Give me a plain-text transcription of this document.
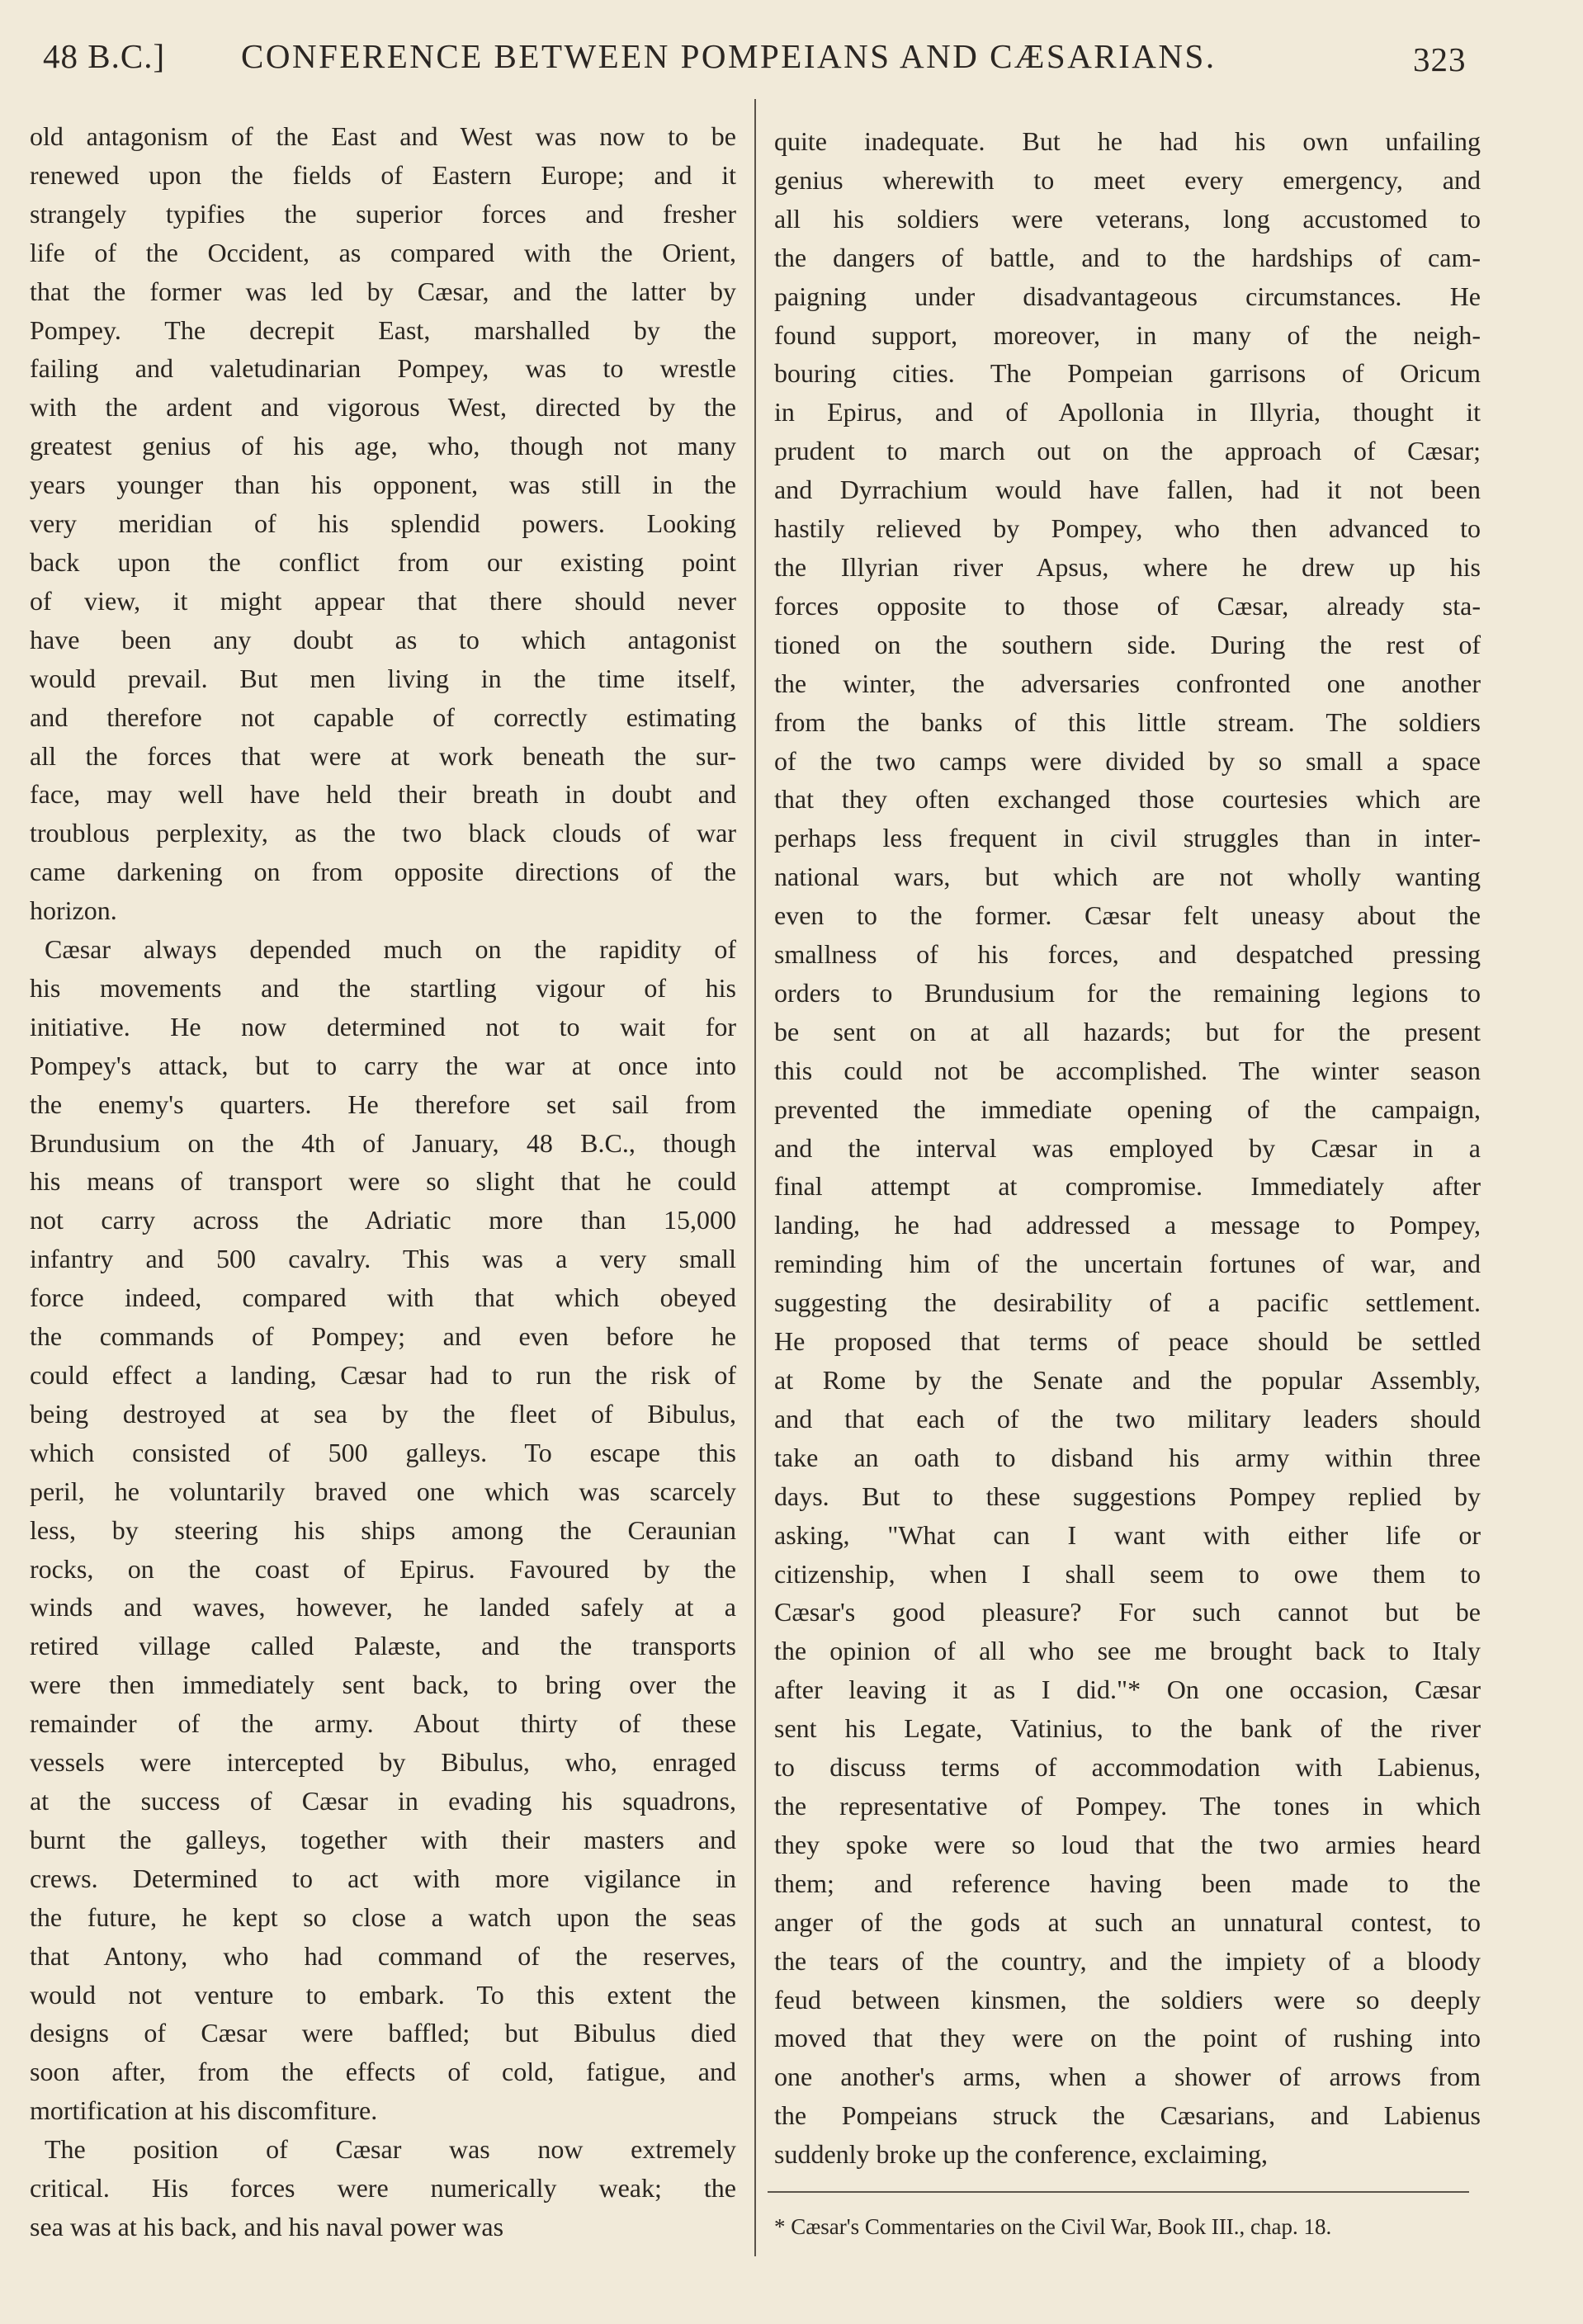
48 B.C.] CONFERENCE BETWEEN POMPEIANS AND CÆSARIANS.	323

old antagonism of the East and West was now to be

renewed upon the fields of Eastern Europe; and it

strangely typifies the superior forces and fresher

life of the Occident, as compared with the Orient,

that the former was led by Cæsar, and the latter by

Pompey. The decrepit East, marshalled by the

failing and valetudinarian Pompey, was to wrestle

with the ardent and vigorous West, directed by the

greatest genius of his age, who, though not many

years younger than his opponent, was still in the

very meridian of his splendid powers. Looking

back upon the conflict from our existing point

of view, it might appear that there should never

have been any doubt as to which antagonist

would prevail. But men living in the time itself,

and therefore not capable of correctly estimating

all the forces that were at work beneath the sur-

face, may well have held their breath in doubt and

troublous perplexity, as the two black clouds of war

came darkening on from opposite directions of the

horizon.

Cæsar always depended much on the rapidity of

his movements and the startling vigour of his

initiative. He now determined not to wait for

Pompey's attack, but to carry the war at once into

the enemy's quarters. He therefore set sail from

Brundusium on the 4th of January, 48 B.C., though

his means of transport were so slight that he could

not carry across the Adriatic more than 15,000

infantry and 500 cavalry. This was a very small

force indeed, compared with that which obeyed

the commands of Pompey; and even before he

could effect a landing, Cæsar had to run the risk of

being destroyed at sea by the fleet of Bibulus,

which consisted of 500 galleys. To escape this

peril, he voluntarily braved one which was scarcely

less, by steering his ships among the Ceraunian

rocks, on the coast of Epirus. Favoured by the

winds and waves, however, he landed safely at a

retired village called Palæste, and the transports

were then immediately sent back, to bring over the

remainder of the army. About thirty of these

vessels were intercepted by Bibulus, who, enraged

at the success of Cæsar in evading his squadrons,

burnt the galleys, together with their masters and

crews. Determined to act with more vigilance in

the future, he kept so close a watch upon the seas

that Antony, who had command of the reserves,

would not venture to embark. To this extent the

designs of Cæsar were baffled; but Bibulus died

soon after, from the effects of cold, fatigue, and

mortification at his discomfiture.

The position of Cæsar was now extremely

critical. His forces were numerically weak; the

sea was at his back, and his naval power was

quite inadequate. But he had his own unfailing

genius wherewith to meet every emergency, and

all his soldiers were veterans, long accustomed to

the dangers of battle, and to the hardships of cam-

paigning under disadvantageous circumstances. He

found support, moreover, in many of the neigh-

bouring cities. The Pompeian garrisons of Oricum

in Epirus, and of Apollonia in Illyria, thought it

prudent to march out on the approach of Cæsar;

and Dyrrachium would have fallen, had it not been

hastily relieved by Pompey, who then advanced to

the Illyrian river Apsus, where he drew up his

forces opposite to those of Cæsar, already sta-

tioned on the southern side. During the rest of

the winter, the adversaries confronted one another

from the banks of this little stream. The soldiers

of the two camps were divided by so small a space

that they often exchanged those courtesies which are

perhaps less frequent in civil struggles than in inter-

national wars, but which are not wholly wanting

even to the former. Cæsar felt uneasy about the

smallness of his forces, and despatched pressing

orders to Brundusium for the remaining legions to

be sent on at all hazards; but for the present

this could not be accomplished. The winter season

prevented the immediate opening of the campaign,

and the interval was employed by Cæsar in a

final attempt at compromise. Immediately after

landing, he had addressed a message to Pompey,

reminding him of the uncertain fortunes of war, and

suggesting the desirability of a pacific settlement.

He proposed that terms of peace should be settled

at Rome by the Senate and the popular Assembly,

and that each of the two military leaders should

take an oath to disband his army within three

days. But to these suggestions Pompey replied by

asking, "What can I want with either life or

citizenship, when I shall seem to owe them to

Cæsar's good pleasure? For such cannot but be

the opinion of all who see me brought back to Italy

after leaving it as I did."* On one occasion, Cæsar

sent his Legate, Vatinius, to the bank of the river

to discuss terms of accommodation with Labienus,

the representative of Pompey. The tones in which

they spoke were so loud that the two armies heard

them; and reference having been made to the

anger of the gods at such an unnatural contest, to

the tears of the country, and the impiety of a bloody

feud between kinsmen, the soldiers were so deeply

moved that they were on the point of rushing into

one another's arms, when a shower of arrows from

the Pompeians struck the Cæsarians, and Labienus

suddenly broke up the conference, exclaiming,

* Cæsar's Commentaries on the Civil War, Book III., chap. 18.
